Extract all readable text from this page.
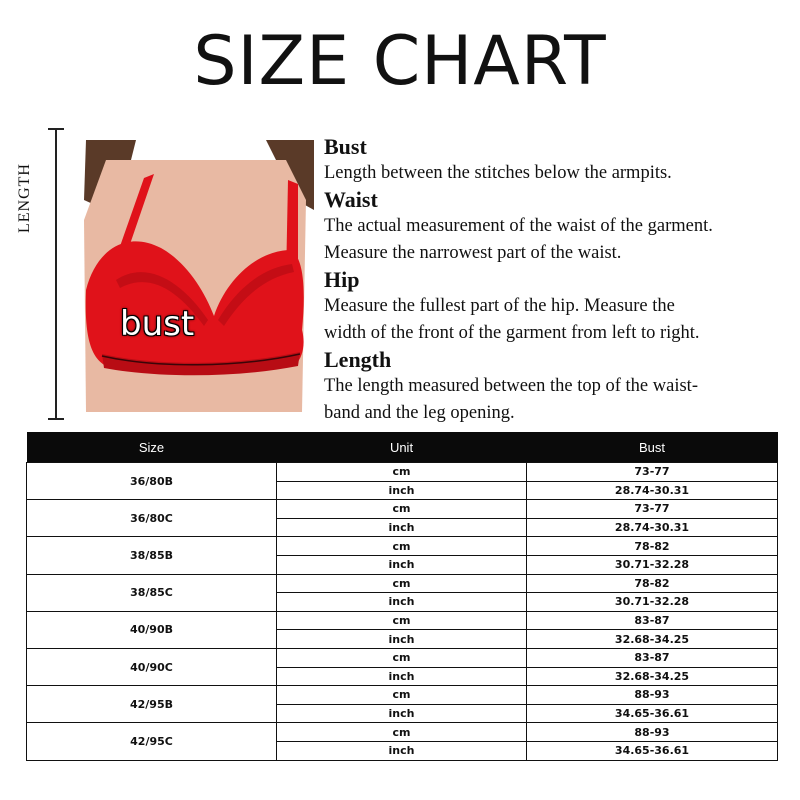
SIZE CHART
LENGTH
bust
Bust
Length between the stitches below the armpits.
Waist
The actual measurement of the waist of the garment.
Measure the narrowest part of the waist.
Hip
Measure the fullest part of the hip. Measure the
width of the front of the garment from left to right.
Length
The length measured between the top of the waist-
band and the leg opening.
Size	Unit	Bust
36/80B	cm	73-77
	inch	28.74-30.31
36/80C	cm	73-77
	inch	28.74-30.31
38/85B	cm	78-82
	inch	30.71-32.28
38/85C	cm	78-82
	inch	30.71-32.28
40/90B	cm	83-87
	inch	32.68-34.25
40/90C	cm	83-87
	inch	32.68-34.25
42/95B	cm	88-93
	inch	34.65-36.61
42/95C	cm	88-93
	inch	34.65-36.61
